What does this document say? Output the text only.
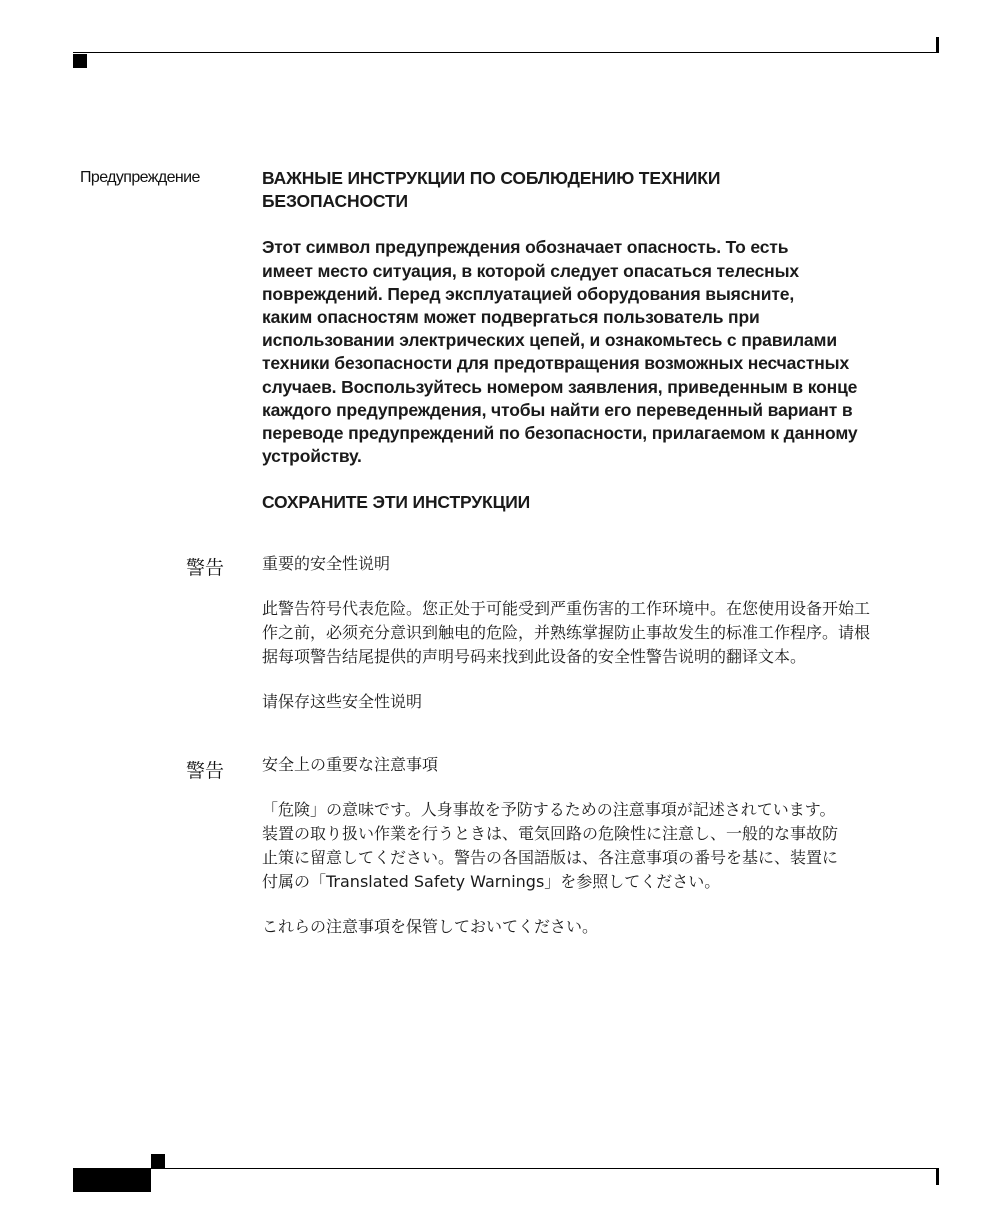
Предупреждение	ВАЖНЫЕ ИНСТРУКЦИИ ПО СОБЛЮДЕНИЮ ТЕХНИКИ
БЕЗОПАСНОСТИ

Этот символ предупреждения обозначает опасность. То есть
имеет место ситуация, в которой следует опасаться телесных
повреждений. Перед эксплуатацией оборудования выясните,
каким опасностям может подвергаться пользователь при
использовании электрических цепей, и ознакомьтесь с правилами
техники безопасности для предотвращения возможных несчастных
случаев. Воспользуйтесь номером заявления, приведенным в конце
каждого предупреждения, чтобы найти его переведенный вариант в
переводе предупреждений по безопасности, прилагаемом к данному
устройству.

СОХРАНИТЕ ЭТИ ИНСТРУКЦИИ

警告 重要的安全性说明

此警告符号代表危险。您正处于可能受到严重伤害的工作环境中。在您使用设备开始工
作之前，必须充分意识到触电的危险，并熟练掌握防止事故发生的标准工作程序。请根
据每项警告结尾提供的声明号码来找到此设备的安全性警告说明的翻译文本。

请保存这些安全性说明

警告 安全上の重要な注意事項

「危険」の意味です。人身事故を予防するための注意事項が記述されています。
装置の取り扱い作業を行うときは、電気回路の危険性に注意し、一般的な事故防
止策に留意してください。警告の各国語版は、各注意事項の番号を基に、装置に
付属の「Translated Safety Warnings」を参照してください。

これらの注意事項を保管しておいてください。
